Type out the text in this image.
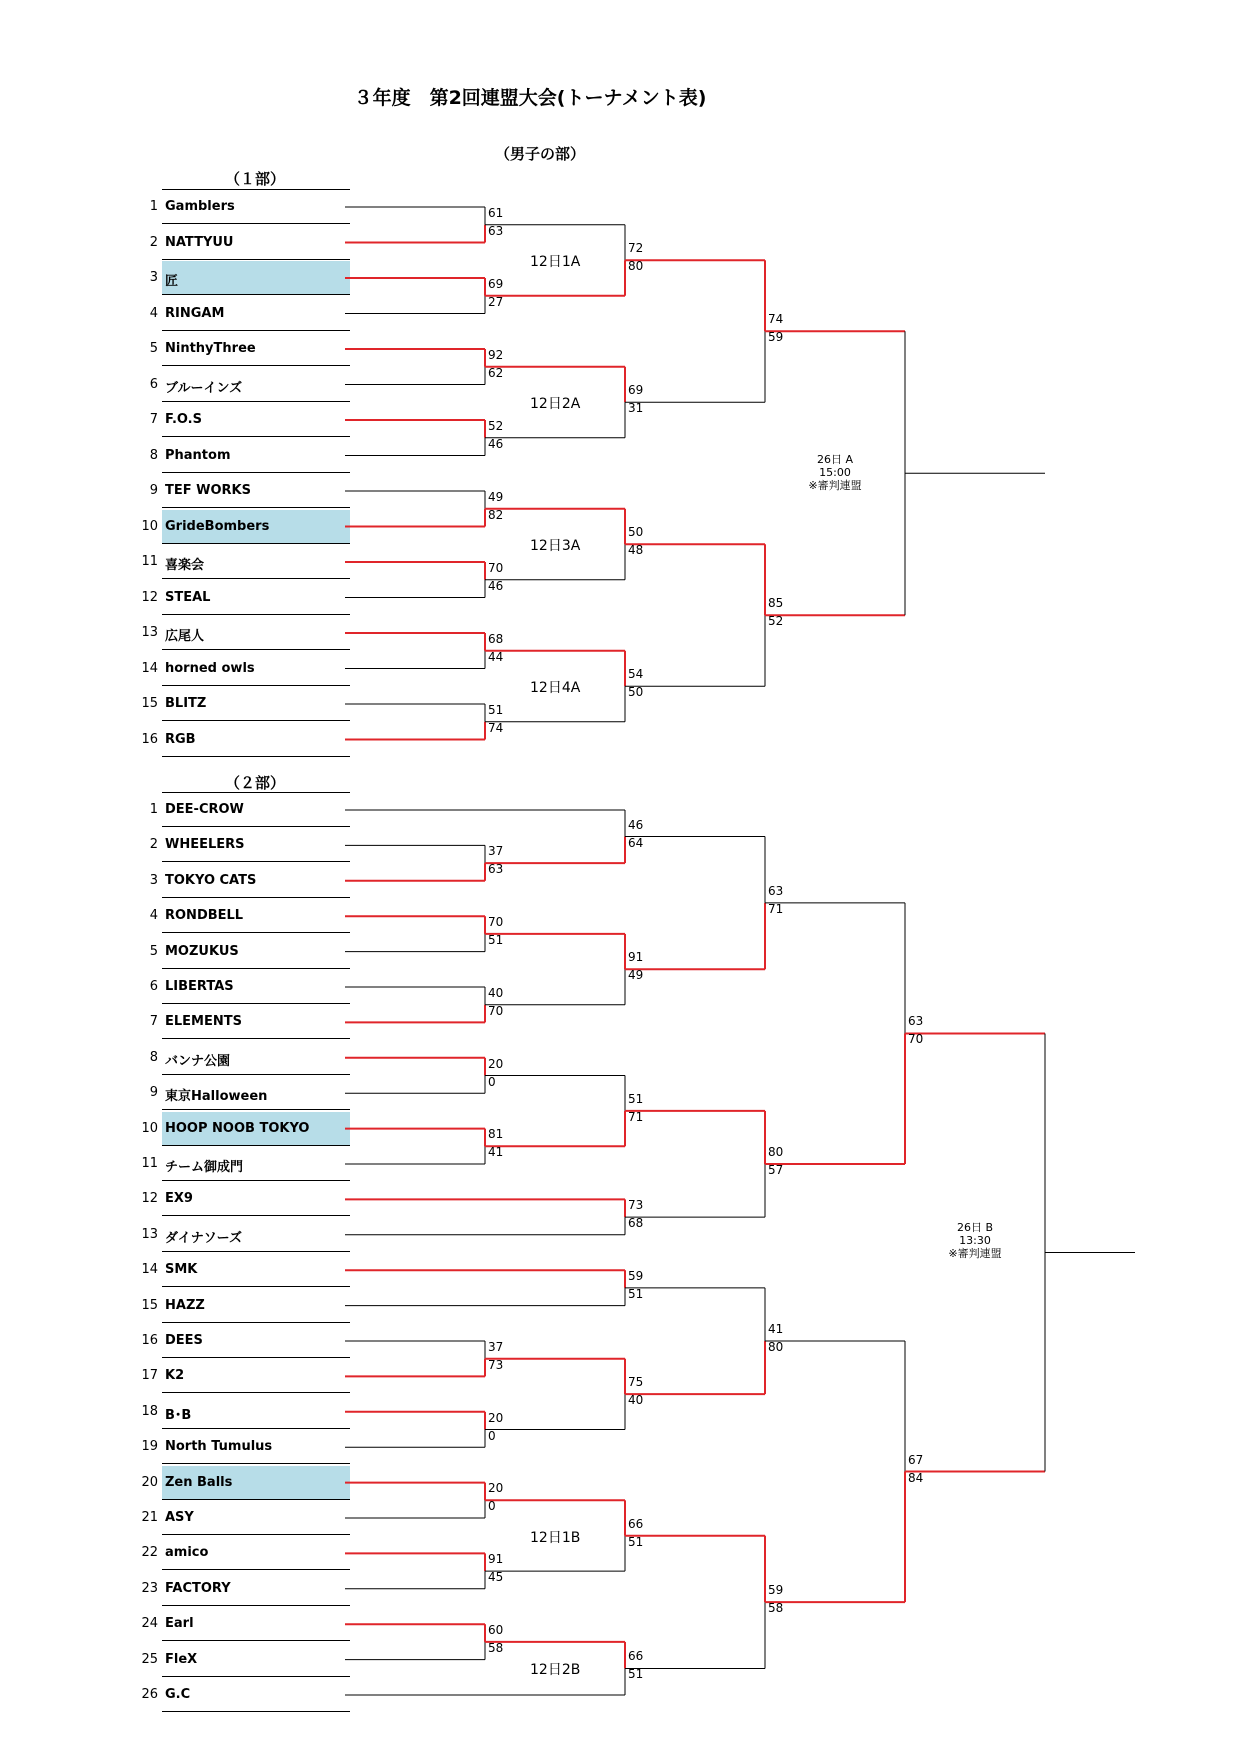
３年度　第2回連盟大会(トーナメント表)
（男子の部）
（１部）
（２部）
1 Gamblers
2 NATTYUU
3 匠
4 RINGAM
5 NinthyThree
6 ブルーインズ
7 F.O.S
8 Phantom
9 TEF WORKS
10 GrideBombers
11 喜楽会
12 STEAL
13 広尾人
14 horned owls
15 BLITZ
16 RGB
1 DEE-CROW
2 WHEELERS
3 TOKYO CATS
4 RONDBELL
5 MOZUKUS
6 LIBERTAS
7 ELEMENTS
8 バンナ公園
9 東京Halloween
10 HOOP NOOB TOKYO
11 チーム御成門
12 EX9
13 ダイナソーズ
14 SMK
15 HAZZ
16 DEES
17 K2
18 B･B
19 North Tumulus
20 Zen Balls
21 ASY
22 amico
23 FACTORY
24 Earl
25 FleX
26 G.C
61
63
69
27
92
62
52
46
49
82
70
46
68
44
51
74
72
80
12日1A
69
31
12日2A
50
48
12日3A
54
50
12日4A
74
59
85
52
26日 A
15:00
※審判連盟
37
63
70
51
40
70
20
0
81
41
37
73
20
0
20
0
91
45
60
58
46
64
91
49
51
71
73
68
59
51
75
40
66
51
66
51
12日1B
12日2B
63
71
80
57
41
80
59
58
63
70
67
84
26日 B
13:30
※審判連盟
